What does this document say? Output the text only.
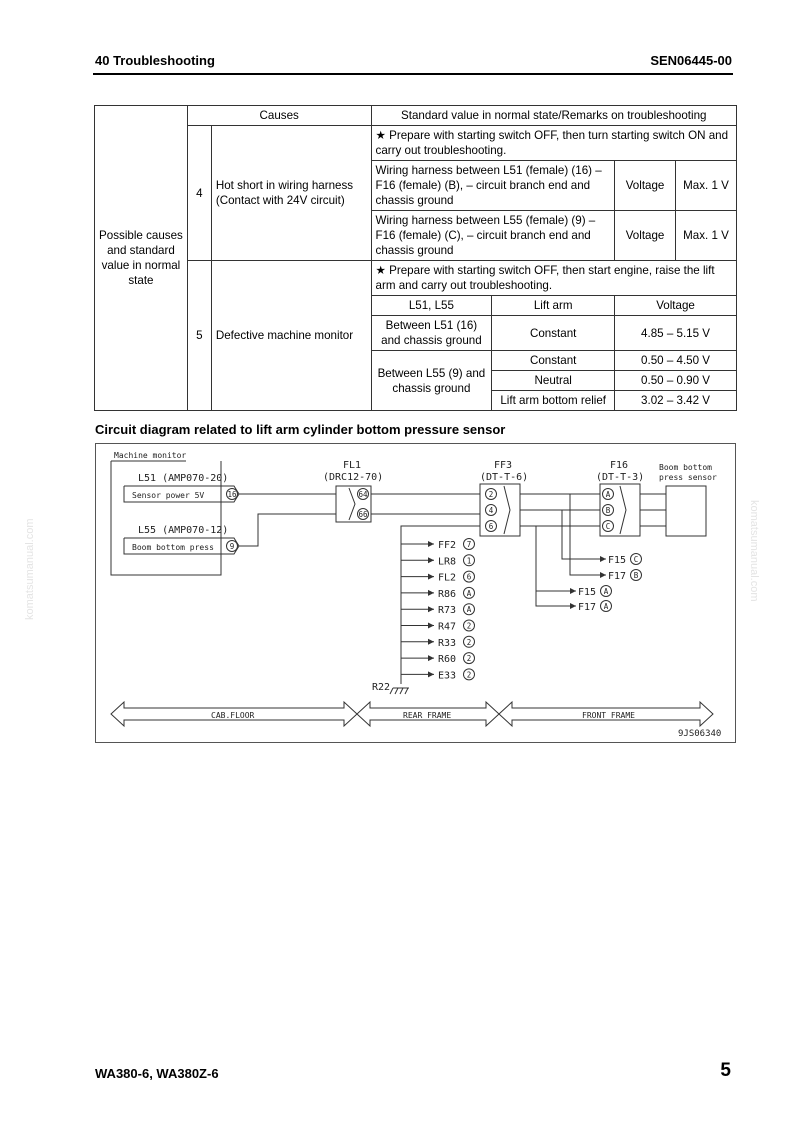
40 Troubleshooting	SEN06445-00
Possible causes and standard value in normal state	Causes		Standard value in normal state/Remarks on troubleshooting			
	4	Hot short in wiring harness (Contact with 24V circuit)	★ Prepare with starting switch OFF, then turn starting switch ON and carry out troubleshooting.			
			Wiring harness between L51 (female) (16) – F16 (female) (B), – circuit branch end and chassis ground		Voltage	Max. 1 V
			Wiring harness between L55 (female) (9) – F16 (female) (C), – circuit branch end and chassis ground		Voltage	Max. 1 V
	5	Defective machine monitor	★ Prepare with starting switch OFF, then start engine, raise the lift arm and carry out troubleshooting.			
			L51, L55	Lift arm	Voltage	
			Between L51 (16) and chassis ground	Constant	4.85 – 5.15 V	
			Between L55 (9) and chassis ground	Constant	0.50 – 4.50 V	
				Neutral	0.50 – 0.90 V	
				Lift arm bottom relief	3.02 – 3.42 V	
Circuit diagram related to lift arm cylinder bottom pressure sensor
FF2 7
LR8 1
FL2 6
R86 A
R73 A
R47 2
R33 2
R60 2
E33 2
F15 C
F17 B
F15 A
F17 A
16
9
64
66
2
4
6
A
B
C
Machine monitor
L51 (AMP070-20)
L55 (AMP070-12)
Sensor power 5V
Boom bottom press
FL1
(DRC12-70)
FF3
(DT-T-6)
F16
(DT-T-3)
Boom bottom
press sensor
R22
CAB.FLOOR	REAR FRAME	FRONT FRAME
9JS06340
komatsumanual.com	komatsumanual.com
WA380-6, WA380Z-6	5
